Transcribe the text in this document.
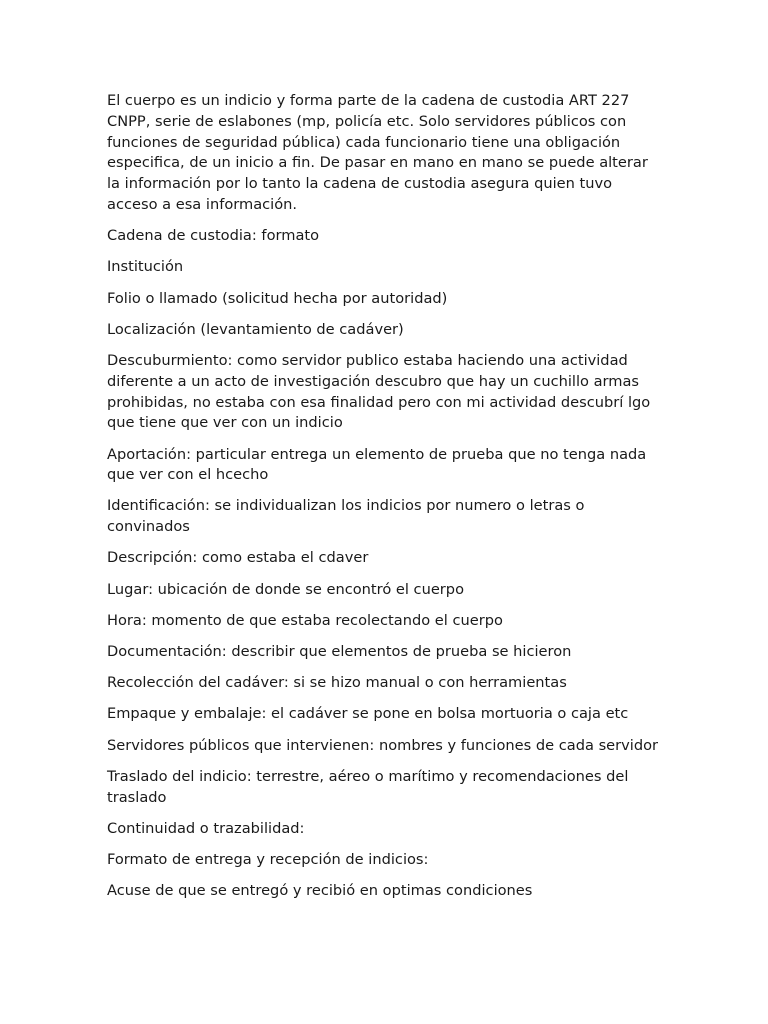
El cuerpo es un indicio y forma parte de la cadena de custodia ART 227 CNPP, serie de eslabones (mp, policía etc. Solo servidores públicos con funciones de seguridad pública) cada funcionario tiene una obligación especifica, de un inicio a fin. De pasar en mano en mano se puede alterar la información por lo tanto la cadena de custodia asegura quien tuvo acceso a esa información.

Cadena de custodia: formato

Institución

Folio o llamado (solicitud hecha por autoridad)

Localización (levantamiento de cadáver)

Descuburmiento: como servidor publico estaba haciendo una actividad diferente a un acto de investigación descubro que hay un cuchillo armas prohibidas, no estaba con esa finalidad pero con mi actividad descubrí lgo que tiene que ver con un indicio

Aportación: particular entrega un elemento de prueba que no tenga nada que ver con el hcecho

Identificación: se individualizan los indicios por numero o letras o convinados

Descripción: como estaba el cdaver

Lugar: ubicación de donde se encontró el cuerpo

Hora: momento de que estaba recolectando el cuerpo

Documentación: describir que elementos de prueba se hicieron

Recolección del cadáver: si se hizo manual o con herramientas

Empaque y embalaje: el cadáver se pone en bolsa mortuoria o caja etc

Servidores públicos que intervienen: nombres y funciones de cada servidor

Traslado del indicio: terrestre, aéreo o marítimo y recomendaciones del traslado

Continuidad o trazabilidad:

Formato de entrega y recepción de indicios:

Acuse de que se entregó y recibió en optimas condiciones
